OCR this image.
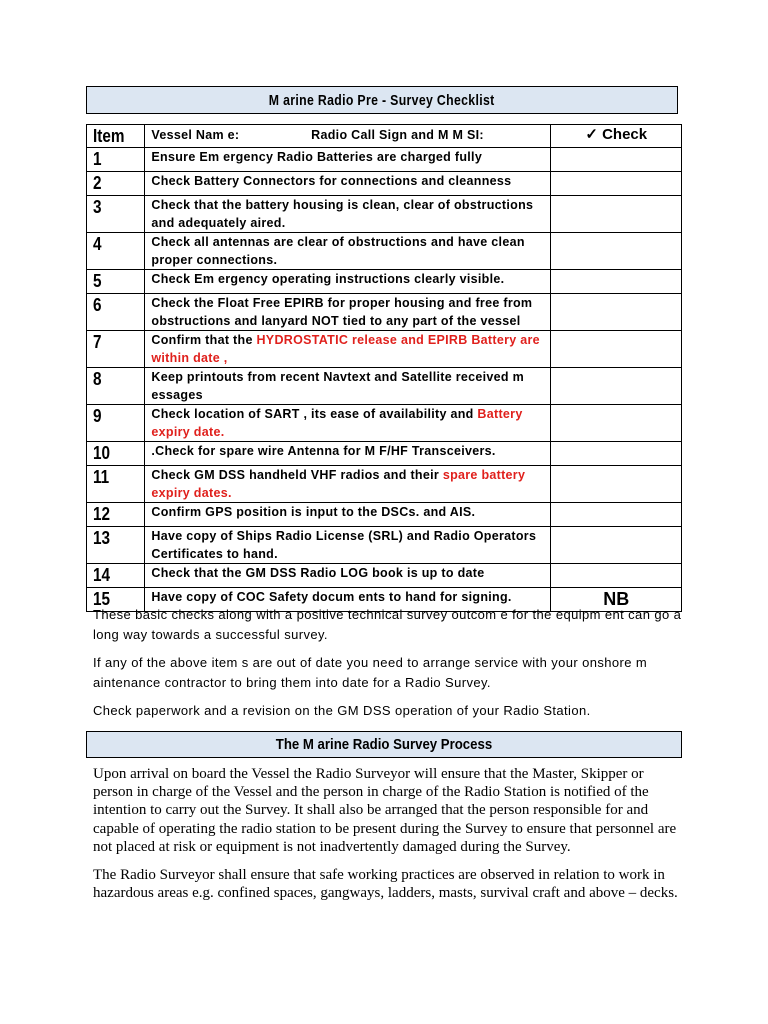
M arine Radio Pre - Survey Checklist
Item	Vessel Nam e: Radio Call Sign and M M SI:	✓ Check
1	Ensure Em ergency Radio Batteries are charged fully	
2	Check Battery Connectors for connections and cleanness	
3	Check that the battery housing is clean, clear of obstructions and adequately aired.	
4	Check all antennas are clear of obstructions and have clean proper connections.	
5	Check Em ergency operating instructions clearly visible.	
6	Check the Float Free EPIRB for proper housing and free from obstructions and lanyard NOT tied to any part of the vessel	
7	Confirm that the HYDROSTATIC release and EPIRB Battery are within date ,	
8	Keep printouts from recent Navtext and Satellite received m essages	
9	Check location of SART , its ease of availability and Battery expiry date.	
10	.Check for spare wire Antenna for M F/HF Transceivers.	
11	Check GM DSS handheld VHF radios and their spare battery expiry dates.	
12	Confirm GPS position is input to the DSCs. and AIS.	
13	Have copy of Ships Radio License (SRL) and Radio Operators Certificates to hand.	
14	Check that the GM DSS Radio LOG book is up to date	
15	Have copy of COC Safety docum ents to hand for signing.	NB

These basic checks along with a positive technical survey outcom e for the equipm ent can go a long way towards a successful survey.

If any of the above item s are out of date you need to arrange service with your onshore m aintenance contractor to bring them into date for a Radio Survey.

Check paperwork and a revision on the GM DSS operation of your Radio Station.

The M arine Radio Survey Process

Upon arrival on board the Vessel the Radio Surveyor will ensure that the Master, Skipper or person in charge of the Vessel and the person in charge of the Radio Station is notified of the intention to carry out the Survey. It shall also be arranged that the person responsible for and capable of operating the radio station to be present during the Survey to ensure that personnel are not placed at risk or equipment is not inadvertently damaged during the Survey.

The Radio Surveyor shall ensure that safe working practices are observed in relation to work in hazardous areas e.g. confined spaces, gangways, ladders, masts, survival craft and above – decks.
